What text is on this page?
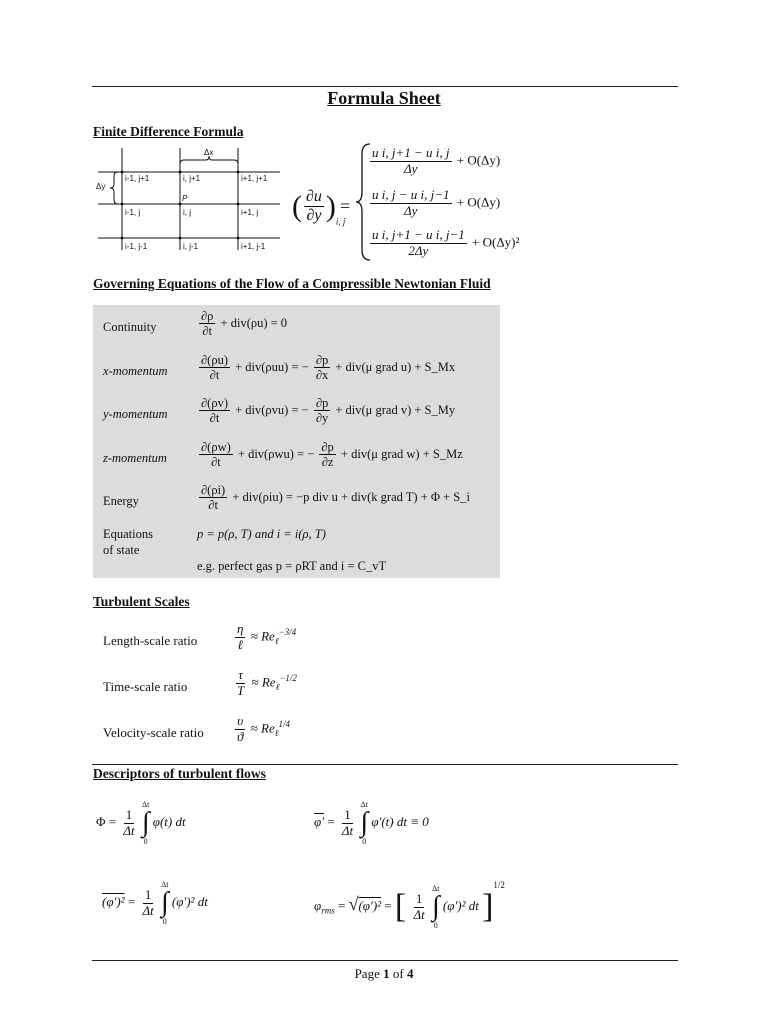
Formula Sheet
Finite Difference Formula
Δx
Δy
P
i-1, j+1	i, j+1	i+1, j+1
i-1, j	i, j	i+1, j
i-1, j-1	i, j-1	i+1, j-1
( $\frac{\partial u}{\partial y} )_{i, j}$
=
$\frac{\text{u i, j+1 − u i, j}}{\Delta y} + O(\Delta y)$
$\frac{\text{u i, j − u i, j−1}}{\Delta y} + O(\Delta y)$
$\frac{\text{u i, j+1 − u i, j−1}}{2\Delta y} + O(\Delta y)^2$
Governing Equations of the Flow of a Compressible Newtonian Fluid
Continuity	$\frac{\partial\rho}{\partial t} + div(\rho u) = 0$
x-momentum	$\frac{\partial(\rho u)}{\partial t} + div(\rho uu)$ = − $\frac{\partial p}{\partial x} + div(\mu$ grad u) + S_Mx
y-momentum	$\frac{\partial(\rho v)}{\partial t} + div(\rho vu)$ = − $\frac{\partial p}{\partial y} + div(\mu$ grad v) + S_My
z-momentum	$\frac{\partial(\rho w)}{\partial t} + div(\rho wu)$ = − $\frac{\partial p}{\partial z} + div(\mu$ grad w) + S_Mz
Energy	$\frac{\partial(\rho i)}{\partial t} + div(\rho iu) = -p$ div u + div(k grad T) + Φ + S_i
Equations
of state
p = p(ρ, T) and i = i(ρ, T)
e.g. perfect gas p = ρRT and i = C_vT
Turbulent Scales
Length-scale ratio	$\frac{\eta}{\text{ℓ}} \approx Re_\ell^{-3/4}$
Time-scale ratio	$\frac{\tau}{T} \approx Re_\ell^{-1/2}$
Velocity-scale ratio $\frac{\upsilon}{ϑ} \approx Re_\ell^{1/4}$
Descriptors of turbulent flows
$\Phi = \frac{1}{\Delta t}$

Δt
∫
0
φ(t) dt	$\varphi' = \frac{1}{\Delta t}$

Δt
∫
0
φ′(t) dt ≡ 0
$(\varphi')^2 = \frac{1}{\Delta t}$

Δt
∫
0
(φ′)² dt	$\varphi_{rms} = √(\varphi')^2$ = [ $\frac{1}{\Delta t}$

Δt
∫
0
(φ′)² dt ]$^{1/2}$
Page 1 of 4
